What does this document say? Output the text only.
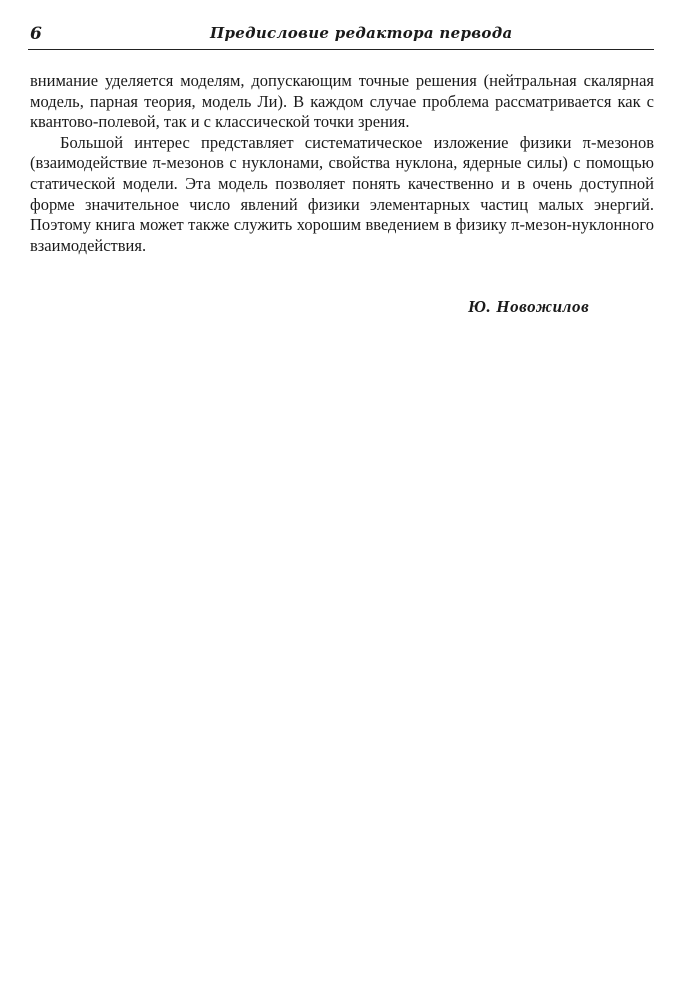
6	Предисловие редактора первода

внимание уделяется моделям, допускающим точные решения (нейтральная скалярная модель, парная теория, модель Ли). В каждом случае проблема рассматривается как с квантово-полевой, так и с классической точки зрения.

Большой интерес представляет систематическое изложение физики π-мезонов (взаимодействие π-мезонов с нуклонами, свойства нуклона, ядерные силы) с помощью статической модели. Эта модель позволяет понять качественно и в очень доступной форме значительное число явлений физики элементарных частиц малых энергий. Поэтому книга может также служить хорошим введением в физику π-мезон-нуклонного взаимодействия.

Ю. Новожилов
